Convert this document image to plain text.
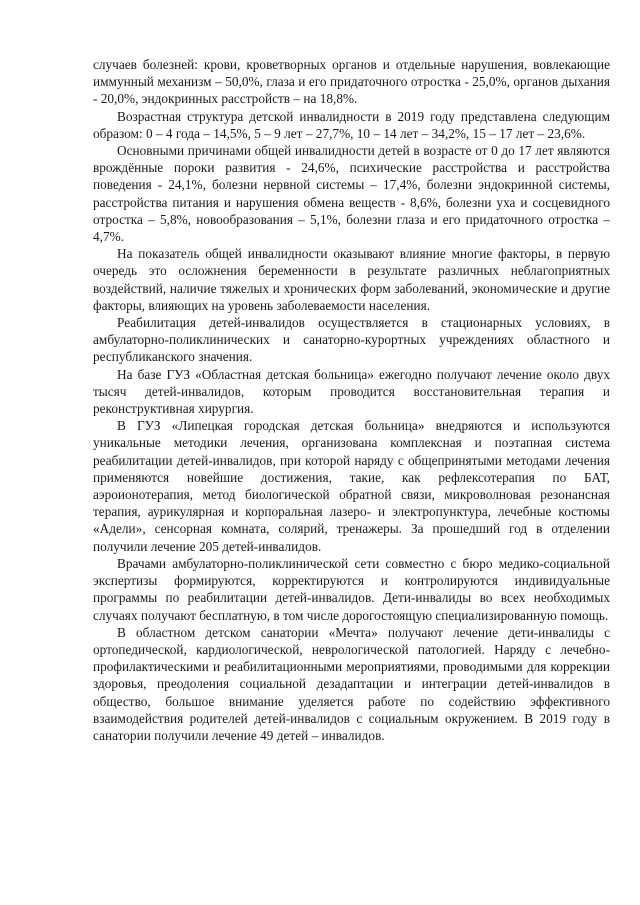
случаев болезней: крови, кроветворных органов и отдельные нарушения, вовлекающие иммунный механизм – 50,0%, глаза и его придаточного отростка - 25,0%, органов дыхания - 20,0%, эндокринных расстройств – на 18,8%.

Возрастная структура детской инвалидности в 2019 году представлена следующим образом: 0 – 4 года – 14,5%, 5 – 9 лет – 27,7%, 10 – 14 лет – 34,2%, 15 – 17 лет – 23,6%.

Основными причинами общей инвалидности детей в возрасте от 0 до 17 лет являются врождённые пороки развития - 24,6%, психические расстройства и расстройства поведения - 24,1%, болезни нервной системы – 17,4%, болезни эндокринной системы, расстройства питания и нарушения обмена веществ - 8,6%, болезни уха и сосцевидного отростка – 5,8%, новообразования – 5,1%, болезни глаза и его придаточного отростка – 4,7%.

На показатель общей инвалидности оказывают влияние многие факторы, в первую очередь это осложнения беременности в результате различных неблагоприятных воздействий, наличие тяжелых и хронических форм заболеваний, экономические и другие факторы, влияющих на уровень заболеваемости населения.

Реабилитация детей-инвалидов осуществляется в стационарных условиях, в амбулаторно-поликлинических и санаторно-курортных учреждениях областного и республиканского значения.

На базе ГУЗ «Областная детская больница» ежегодно получают лечение около двух тысяч детей-инвалидов, которым проводится восстановительная терапия и реконструктивная хирургия.

В ГУЗ «Липецкая городская детская больница» внедряются и используются уникальные методики лечения, организована комплексная и поэтапная система реабилитации детей-инвалидов, при которой наряду с общепринятыми методами лечения применяются новейшие достижения, такие, как рефлексотерапия по БАТ, аэроионотерапия, метод биологической обратной связи, микроволновая резонансная терапия, аурикулярная и корпоральная лазеро- и электропунктура, лечебные костюмы «Адели», сенсорная комната, солярий, тренажеры. За прошедший год в отделении получили лечение 205 детей-инвалидов.

Врачами амбулаторно-поликлинической сети совместно с бюро медико-социальной экспертизы формируются, корректируются и контролируются индивидуальные программы по реабилитации детей-инвалидов. Дети-инвалиды во всех необходимых случаях получают бесплатную, в том числе дорогостоящую специализированную помощь.

В областном детском санатории «Мечта» получают лечение дети-инвалиды с ортопедической, кардиологической, неврологической патологией. Наряду с лечебно-профилактическими и реабилитационными мероприятиями, проводимыми для коррекции здоровья, преодоления социальной дезадаптации и интеграции детей-инвалидов в общество, большое внимание уделяется работе по содействию эффективного взаимодействия родителей детей-инвалидов с социальным окружением. В 2019 году в санатории получили лечение 49 детей – инвалидов.
